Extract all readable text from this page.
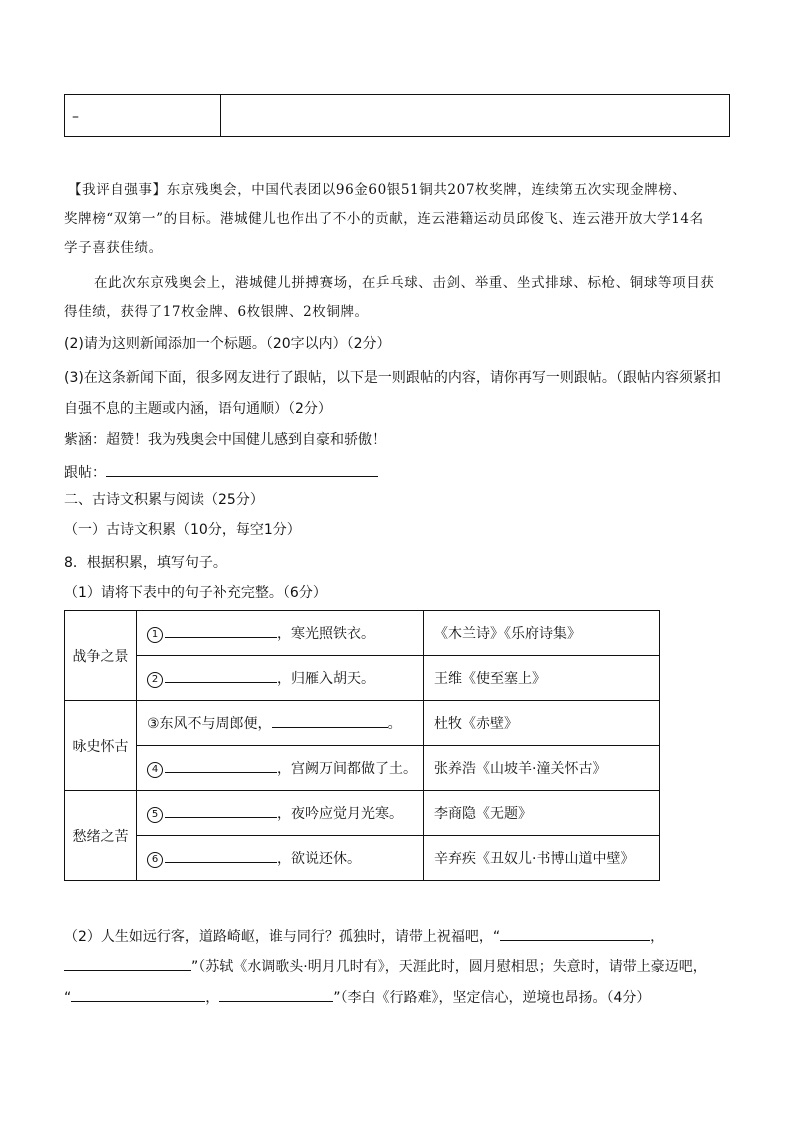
–
【我评自强事】东京残奥会，中国代表团以96金60银51铜共207枚奖牌，连续第五次实现金牌榜、
奖牌榜“双第一”的目标。港城健儿也作出了不小的贡献，连云港籍运动员邱俊飞、连云港开放大学14名
学子喜获佳绩。
在此次东京残奥会上，港城健儿拼搏赛场，在乒乓球、击剑、举重、坐式排球、标枪、铜球等项目获
得佳绩，获得了17枚金牌、6枚银牌、2枚铜牌。
(2)请为这则新闻添加一个标题。（20字以内）（2分）
(3)在这条新闻下面，很多网友进行了跟帖，以下是一则跟帖的内容，请你再写一则跟帖。（跟帖内容须紧扣
自强不息的主题或内涵，语句通顺）（2分）
紫涵：超赞！我为残奥会中国健儿感到自豪和骄傲！
跟帖：
二、古诗文积累与阅读（25分）
（一）古诗文积累（10分，每空1分）
8．根据积累，填写句子。
（1）请将下表中的句子补充完整。（6分）
战争之景	1 ，寒光照铁衣。	《木兰诗》《乐府诗集》
	2 ，归雁入胡天。	王维《使至塞上》
咏史怀古	③东风不与周郎便， 。	杜牧《赤壁》
	4 ，宫阙万间都做了土。	张养浩《山坡羊·潼关怀古》
愁绪之苦	5 ，夜吟应觉月光寒。	李商隐《无题》
	6 ，欲说还休。	辛弃疾《丑奴儿·书博山道中壁》
（2）人生如远行客，道路崎岖，谁与同行？孤独时，请带上祝福吧，“	，
”（苏轼《水调歌头·明月几时有》，天涯此时，圆月慰相思；失意时，请带上豪迈吧，
“	，	”（李白《行路难》，坚定信心，逆境也昂扬。（4分）
